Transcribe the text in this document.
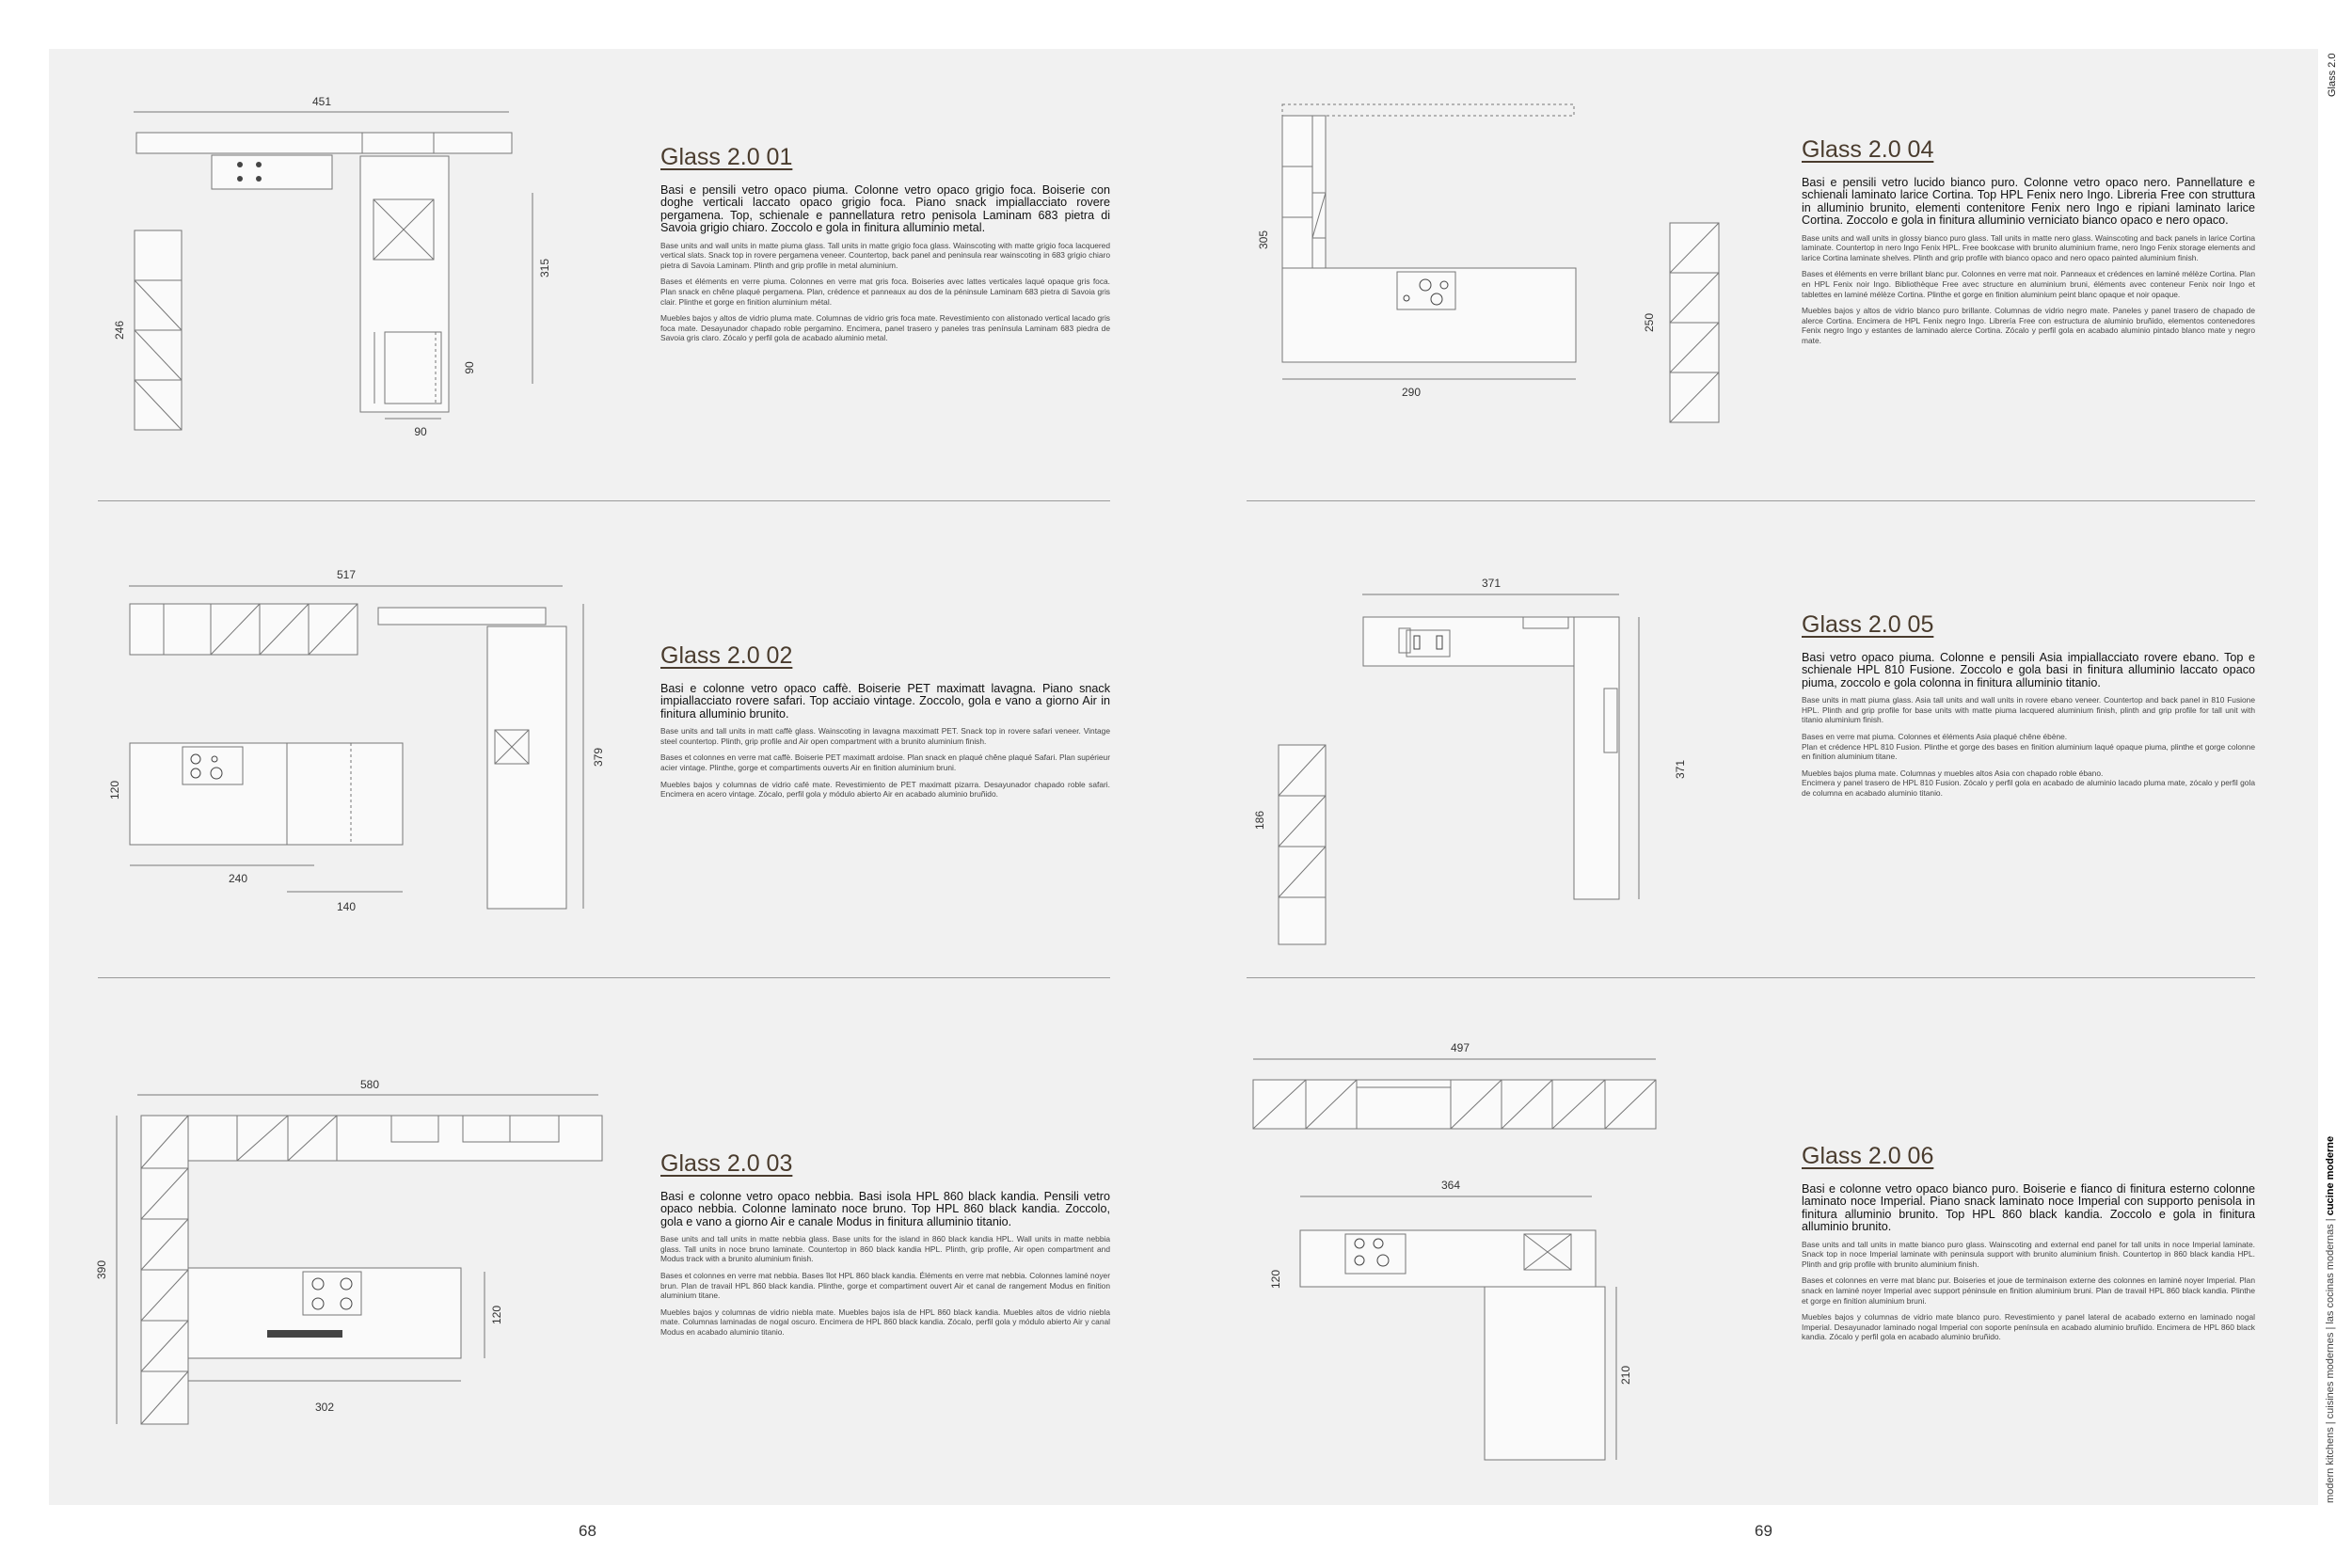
451
315
246
90
90
517
379
120
240
140
580
390
120
302
305
290
250
371
371
186
497
364
120
210
Glass 2.0 01

Basi e pensili vetro opaco piuma. Colonne vetro opaco grigio foca. Boiserie con doghe verticali laccato opaco grigio foca. Piano snack impiallacciato rovere pergamena. Top, schienale e pannellatura retro penisola Laminam 683 pietra di Savoia grigio chiaro. Zoccolo e gola in finitura alluminio metal.

Base units and wall units in matte piuma glass. Tall units in matte grigio foca glass. Wainscoting with matte grigio foca lacquered vertical slats. Snack top in rovere pergamena veneer. Countertop, back panel and peninsula rear wainscoting in 683 grigio chiaro pietra di Savoia Laminam. Plinth and grip profile in metal aluminium.

Bases et éléments en verre piuma. Colonnes en verre mat gris foca. Boiseries avec lattes verticales laqué opaque gris foca. Plan snack en chêne plaqué pergamena. Plan, crédence et panneaux au dos de la péninsule Laminam 683 pietra di Savoia gris clair. Plinthe et gorge en finition aluminium métal.

Muebles bajos y altos de vidrio pluma mate. Columnas de vidrio gris foca mate. Revestimiento con alistonado vertical lacado gris foca mate. Desayunador chapado roble pergamino. Encimera, panel trasero y paneles tras península Laminam 683 piedra de Savoia gris claro. Zócalo y perfil gola de acabado aluminio metal.

Glass 2.0 02

Basi e colonne vetro opaco caffè. Boiserie PET maximatt lavagna. Piano snack impiallacciato rovere safari. Top acciaio vintage. Zoccolo, gola e vano a giorno Air in finitura alluminio brunito.

Base units and tall units in matt caffè glass. Wainscoting in lavagna maxximatt PET. Snack top in rovere safari veneer. Vintage steel countertop. Plinth, grip profile and Air open compartment with a brunito aluminium finish.

Bases et colonnes en verre mat caffè. Boiserie PET maximatt ardoise. Plan snack en plaqué chêne plaqué Safari. Plan supérieur acier vintage. Plinthe, gorge et compartiments ouverts Air en finition aluminium bruni.

Muebles bajos y columnas de vidrio café mate. Revestimiento de PET maximatt pizarra. Desayunador chapado roble safari. Encimera en acero vintage. Zócalo, perfil gola y módulo abierto Air en acabado aluminio bruñido.

Glass 2.0 03

Basi e colonne vetro opaco nebbia. Basi isola HPL 860 black kandia. Pensili vetro opaco nebbia. Colonne laminato noce bruno. Top HPL 860 black kandia. Zoccolo, gola e vano a giorno Air e canale Modus in finitura alluminio titanio.

Base units and tall units in matte nebbia glass. Base units for the island in 860 black kandia HPL. Wall units in matte nebbia glass. Tall units in noce bruno laminate. Countertop in 860 black kandia HPL. Plinth, grip profile, Air open compartment and Modus track with a brunito aluminium finish.

Bases et colonnes en verre mat nebbia. Bases îlot HPL 860 black kandia. Éléments en verre mat nebbia. Colonnes laminé noyer brun. Plan de travail HPL 860 black kandia. Plinthe, gorge et compartiment ouvert Air et canal de rangement Modus en finition aluminium titane.

Muebles bajos y columnas de vidrio niebla mate. Muebles bajos isla de HPL 860 black kandia. Muebles altos de vidrio niebla mate. Columnas laminadas de nogal oscuro. Encimera de HPL 860 black kandia. Zócalo, perfil gola y módulo abierto Air y canal Modus en acabado aluminio titanio.

Glass 2.0 04

Basi e pensili vetro lucido bianco puro. Colonne vetro opaco nero. Pannellature e schienali laminato larice Cortina. Top HPL Fenix nero Ingo. Libreria Free con struttura in alluminio brunito, elementi contenitore Fenix nero Ingo e ripiani laminato larice Cortina. Zoccolo e gola in finitura alluminio verniciato bianco opaco e nero opaco.

Base units and wall units in glossy bianco puro glass. Tall units in matte nero glass. Wainscoting and back panels in larice Cortina laminate. Countertop in nero Ingo Fenix HPL. Free bookcase with brunito aluminium frame, nero Ingo Fenix storage elements and larice Cortina laminate shelves. Plinth and grip profile with bianco opaco and nero opaco painted aluminium finish.

Bases et éléments en verre brillant blanc pur. Colonnes en verre mat noir. Panneaux et crédences en laminé mélèze Cortina. Plan en HPL Fenix noir Ingo. Bibliothèque Free avec structure en aluminium bruni, éléments avec conteneur Fenix noir Ingo et tablettes en laminé mélèze Cortina. Plinthe et gorge en finition aluminium peint blanc opaque et noir opaque.

Muebles bajos y altos de vidrio blanco puro brillante. Columnas de vidrio negro mate. Paneles y panel trasero de chapado de alerce Cortina. Encimera de HPL Fenix negro Ingo. Librería Free con estructura de aluminio bruñido, elementos contenedores Fenix negro Ingo y estantes de laminado alerce Cortina. Zócalo y perfil gola en acabado aluminio pintado blanco mate y negro mate.

Glass 2.0 05

Basi vetro opaco piuma. Colonne e pensili Asia impiallacciato rovere ebano. Top e schienale HPL 810 Fusione. Zoccolo e gola basi in finitura alluminio laccato opaco piuma, zoccolo e gola colonna in finitura alluminio titanio.

Base units in matt piuma glass. Asia tall units and wall units in rovere ebano veneer. Countertop and back panel in 810 Fusione HPL. Plinth and grip profile for base units with matte piuma lacquered aluminium finish, plinth and grip profile for tall unit with titanio aluminium finish.

Bases en verre mat piuma. Colonnes et éléments Asia plaqué chêne ébène.
Plan et crédence HPL 810 Fusion. Plinthe et gorge des bases en finition aluminium laqué opaque piuma, plinthe et gorge colonne en finition aluminium titane.

Muebles bajos pluma mate. Columnas y muebles altos Asia con chapado roble ébano.
Encimera y panel trasero de HPL 810 Fusion. Zócalo y perfil gola en acabado de aluminio lacado pluma mate, zócalo y perfil gola de columna en acabado aluminio titanio.

Glass 2.0 06

Basi e colonne vetro opaco bianco puro. Boiserie e fianco di finitura esterno colonne laminato noce Imperial. Piano snack laminato noce Imperial con supporto penisola in finitura alluminio brunito. Top HPL 860 black kandia. Zoccolo e gola in finitura alluminio brunito.

Base units and tall units in matte bianco puro glass. Wainscoting and external end panel for tall units in noce Imperial laminate. Snack top in noce Imperial laminate with peninsula support with brunito aluminium finish. Countertop in 860 black kandia HPL. Plinth and grip profile with brunito aluminium finish.

Bases et colonnes en verre mat blanc pur. Boiseries et joue de terminaison externe des colonnes en laminé noyer Imperial. Plan snack en laminé noyer Imperial avec support péninsule en finition aluminium bruni. Plan de travail HPL 860 black kandia. Plinthe et gorge en finition aluminium bruni.

Muebles bajos y columnas de vidrio mate blanco puro. Revestimiento y panel lateral de acabado externo en laminado nogal Imperial. Desayunador laminado nogal Imperial con soporte península en acabado aluminio bruñido. Encimera de HPL 860 black kandia. Zócalo y perfil gola en acabado aluminio bruñido.

Glass 2.0
modern kitchens | cuisines modernes | las cocinas modernas | cucine moderne
68	69
